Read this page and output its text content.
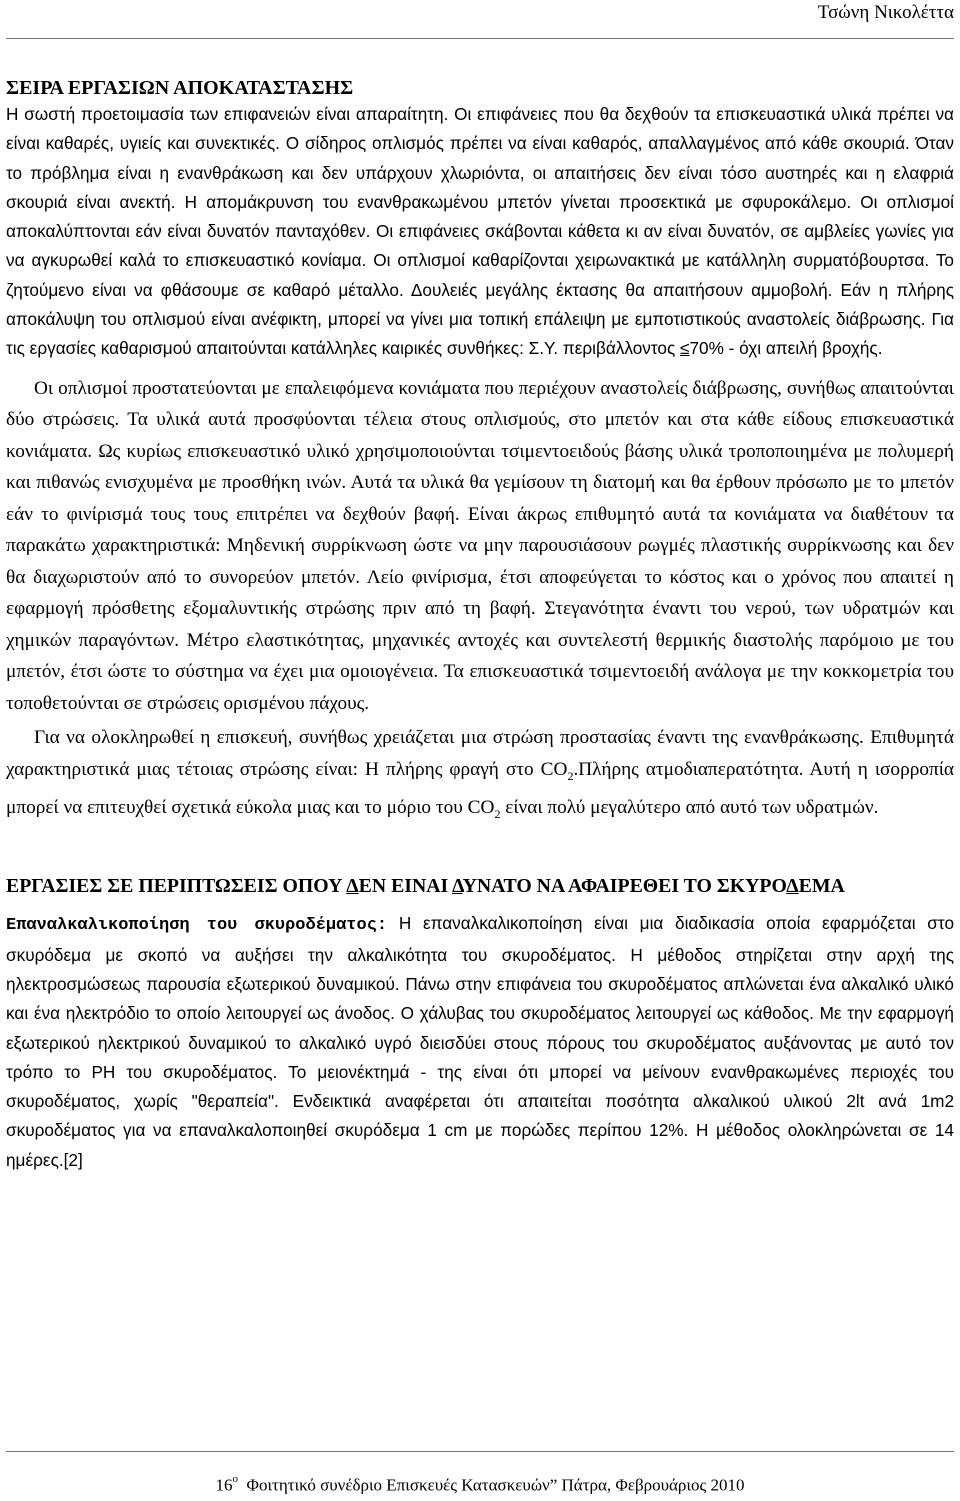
Τσώνη Νικολέττα
ΣΕΙΡΑ ΕΡΓΑΣΙΩΝ ΑΠΟΚΑΤΑΣΤΑΣΗΣ

Η σωστή προετοιμασία των επιφανειών είναι απαραίτητη. Οι επιφάνειες που θα δεχθούν τα επισκευαστικά υλικά πρέπει να είναι καθαρές, υγιείς και συνεκτικές. Ο σίδηρος οπλισμός πρέπει να είναι καθαρός, απαλλαγμένος από κάθε σκουριά. Όταν το πρόβλημα είναι η ενανθράκωση και δεν υπάρχουν χλωριόντα, οι απαιτήσεις δεν είναι τόσο αυστηρές και η ελαφριά σκουριά είναι ανεκτή. Η απομάκρυνση του ενανθρακωμένου μπετόν γίνεται προσεκτικά με σφυροκάλεμο. Οι οπλισμοί αποκαλύπτονται εάν είναι δυνατόν πανταχόθεν. Οι επιφάνειες σκάβονται κάθετα κι αν είναι δυνατόν, σε αμβλείες γωνίες για να αγκυρωθεί καλά το επισκευαστικό κονίαμα. Οι οπλισμοί καθαρίζονται χειρωνακτικά με κατάλληλη συρματόβουρτσα. Το ζητούμενο είναι να φθάσουμε σε καθαρό μέταλλο. Δουλειές μεγάλης έκτασης θα απαιτήσουν αμμοβολή. Εάν η πλήρης αποκάλυψη του οπλισμού είναι ανέφικτη, μπορεί να γίνει μια τοπική επάλειψη με εμποτιστικούς αναστολείς διάβρωσης. Για τις εργασίες καθαρισμού απαιτούνται κατάλληλες καιρικές συνθήκες: Σ.Υ. περιβάλλοντος ≤70% - όχι απειλή βροχής.

Οι οπλισμοί προστατεύονται με επαλειφόμενα κονιάματα που περιέχουν αναστολείς διάβρωσης, συνήθως απαιτούνται δύο στρώσεις. Τα υλικά αυτά προσφύονται τέλεια στους οπλισμούς, στο μπετόν και στα κάθε είδους επισκευαστικά κονιάματα. Ως κυρίως επισκευαστικό υλικό χρησιμοποιούνται τσιμεντοειδούς βάσης υλικά τροποποιημένα με πολυμερή και πιθανώς ενισχυμένα με προσθήκη ινών. Αυτά τα υλικά θα γεμίσουν τη διατομή και θα έρθουν πρόσωπο με το μπετόν εάν το φινίρισμά τους τους επιτρέπει να δεχθούν βαφή. Είναι άκρως επιθυμητό αυτά τα κονιάματα να διαθέτουν τα παρακάτω χαρακτηριστικά: Μηδενική συρρίκνωση ώστε να μην παρουσιάσουν ρωγμές πλαστικής συρρίκνωσης και δεν θα διαχωριστούν από το συνορεύον μπετόν. Λείο φινίρισμα, έτσι αποφεύγεται το κόστος και ο χρόνος που απαιτεί η εφαρμογή πρόσθετης εξομαλυντικής στρώσης πριν από τη βαφή. Στεγανότητα έναντι του νερού, των υδρατμών και χημικών παραγόντων. Μέτρο ελαστικότητας, μηχανικές αντοχές και συντελεστή θερμικής διαστολής παρόμοιο με του μπετόν, έτσι ώστε το σύστημα να έχει μια ομοιογένεια. Τα επισκευαστικά τσιμεντοειδή ανάλογα με την κοκκομετρία του τοποθετούνται σε στρώσεις ορισμένου πάχους.

Για να ολοκληρωθεί η επισκευή, συνήθως χρειάζεται μια στρώση προστασίας έναντι της ενανθράκωσης. Επιθυμητά χαρακτηριστικά μιας τέτοιας στρώσης είναι: Η πλήρης φραγή στο $CO_2.\Pi\lambda ή\rho\eta\varsigma$ ατμοδιαπερατότητα. Αυτή η ισορροπία μπορεί να επιτευχθεί σχετικά εύκολα μιας και το μόριο του $CO_2$ είναι πολύ μεγαλύτερο από αυτό των υδρατμών.

ΕΡΓΑΣΙΕΣ ΣΕ ΠΕΡΙΠΤΩΣΕΙΣ ΟΠΟΥ ΔΕΝ ΕΙΝΑΙ ΔΥΝΑΤΟ ΝΑ ΑΦΑΙΡΕΘΕΙ ΤΟ ΣΚΥΡΟΔΕΜΑ

Επαναλκαλικοποίηση του σκυροδέματος: Η επαναλκαλικοποίηση είναι μια διαδικασία οποία εφαρμόζεται στο σκυρόδεμα με σκοπό να αυξήσει την αλκαλικότητα του σκυροδέματος. Η μέθοδος στηρίζεται στην αρχή της ηλεκτροσμώσεως παρουσία εξωτερικού δυναμικού. Πάνω στην επιφάνεια του σκυροδέματος απλώνεται ένα αλκαλικό υλικό και ένα ηλεκτρόδιο το οποίο λειτουργεί ως άνοδος. Ο χάλυβας του σκυροδέματος λειτουργεί ως κάθοδος. Με την εφαρμογή εξωτερικού ηλεκτρικού δυναμικού το αλκαλικό υγρό διεισδύει στους πόρους του σκυροδέματος αυξάνοντας με αυτό τον τρόπο το PH του σκυροδέματος. Το μειονέκτημά - της είναι ότι μπορεί να μείνουν ενανθρακωμένες περιοχές του σκυροδέματος, χωρίς "θεραπεία". Ενδεικτικά αναφέρεται ότι απαιτείται ποσότητα αλκαλικού υλικού 2lt ανά 1m2 σκυροδέματος για να επαναλκαλοποιηθεί σκυρόδεμα 1 cm με πορώδες περίπου 12%. Η μέθοδος ολοκληρώνεται σε 14 ημέρες.[2]

$16^o$ Φοιτητικό συνέδριο Επισκευές Κατασκευών” Πάτρα, Φεβρουάριος 2010
